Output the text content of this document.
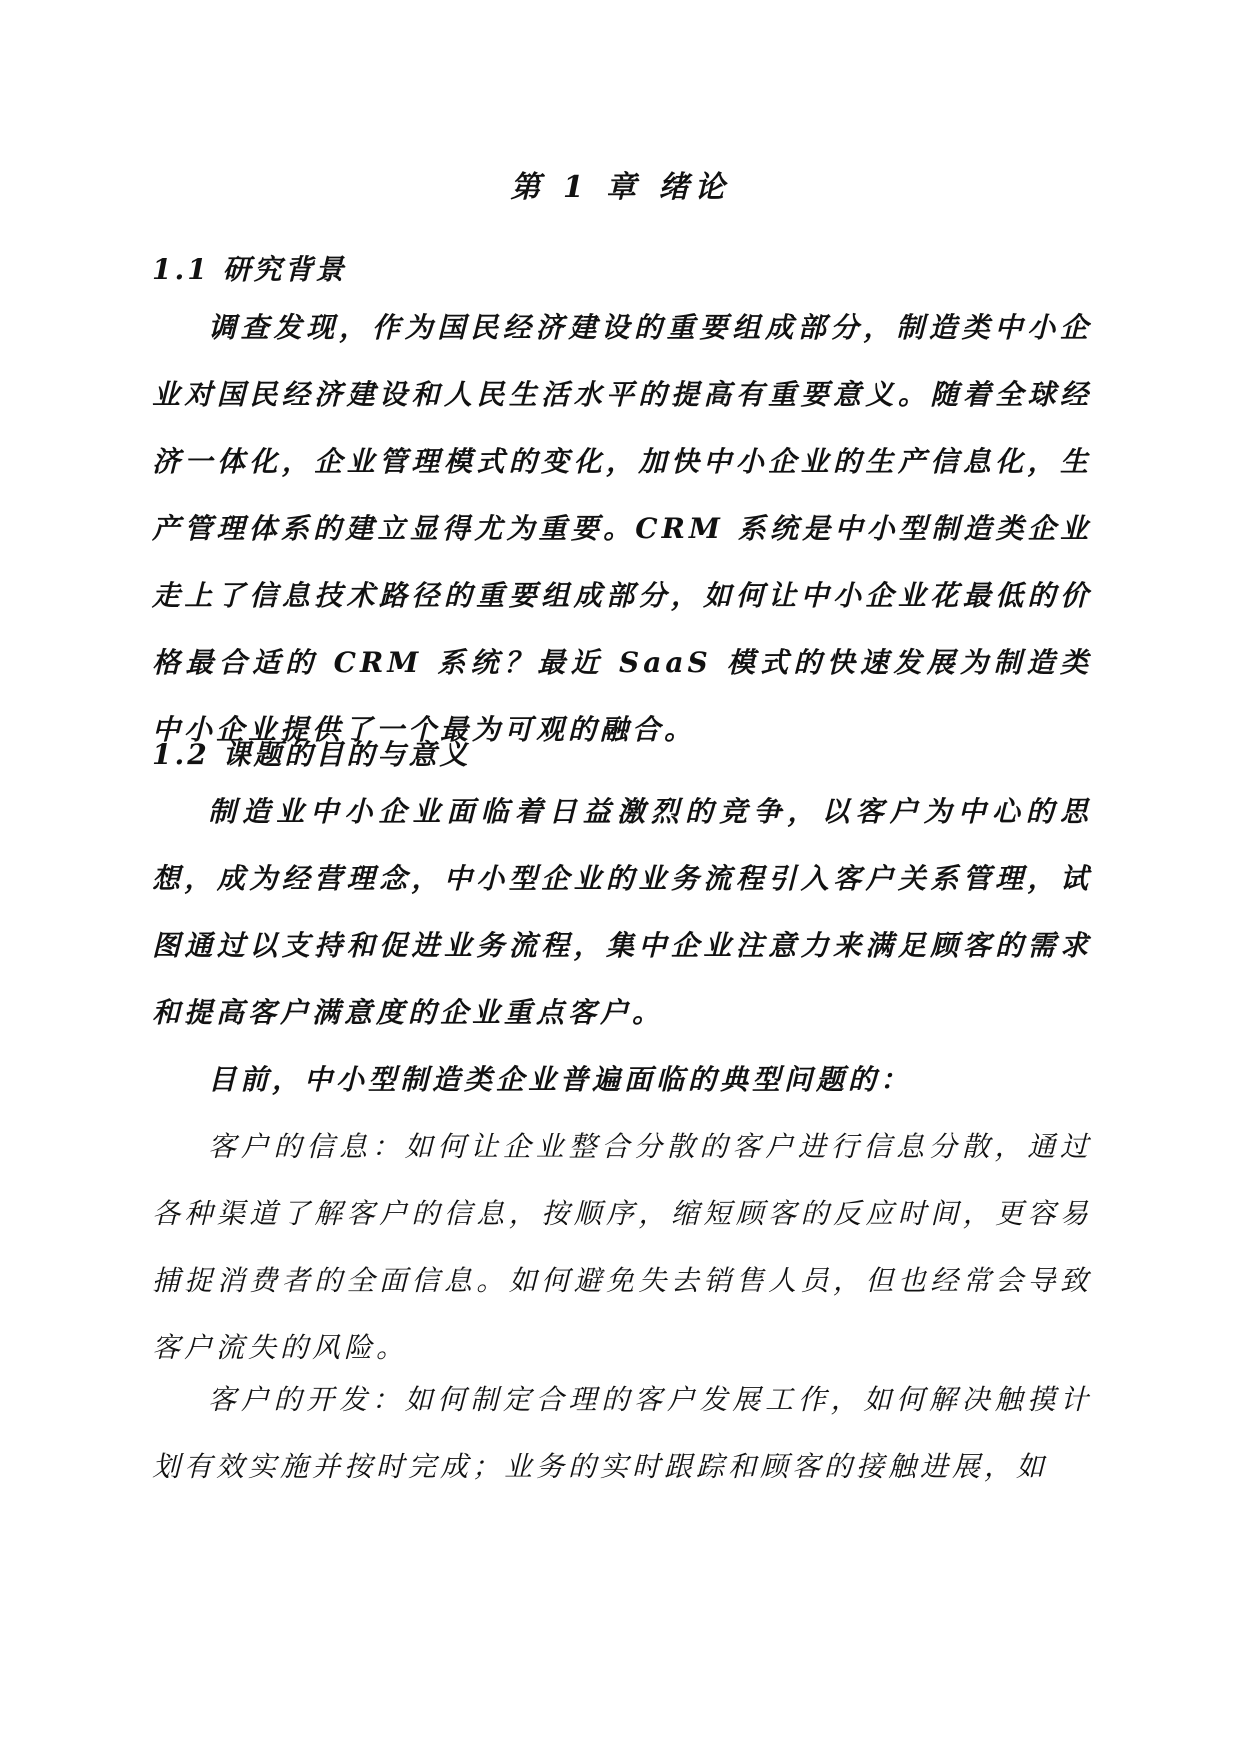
第 1 章 绪论
1.1 研究背景

调查发现，作为国民经济建设的重要组成部分，制造类中小企业对国民经济建设和人民生活水平的提高有重要意义。随着全球经济一体化，企业管理模式的变化，加快中小企业的生产信息化，生产管理体系的建立显得尤为重要。CRM 系统是中小型制造类企业走上了信息技术路径的重要组成部分，如何让中小企业花最低的价格最合适的 CRM 系统？最近 SaaS 模式的快速发展为制造类中小企业提供了一个最为可观的融合。

1.2 课题的目的与意义

制造业中小企业面临着日益激烈的竞争，以客户为中心的思想，成为经营理念，中小型企业的业务流程引入客户关系管理，试图通过以支持和促进业务流程，集中企业注意力来满足顾客的需求和提高客户满意度的企业重点客户。

目前，中小型制造类企业普遍面临的典型问题的：

客户的信息：如何让企业整合分散的客户进行信息分散，通过各种渠道了解客户的信息，按顺序，缩短顾客的反应时间，更容易捕捉消费者的全面信息。如何避免失去销售人员，但也经常会导致客户流失的风险。

客户的开发：如何制定合理的客户发展工作，如何解决触摸计划有效实施并按时完成；业务的实时跟踪和顾客的接触进展，如
